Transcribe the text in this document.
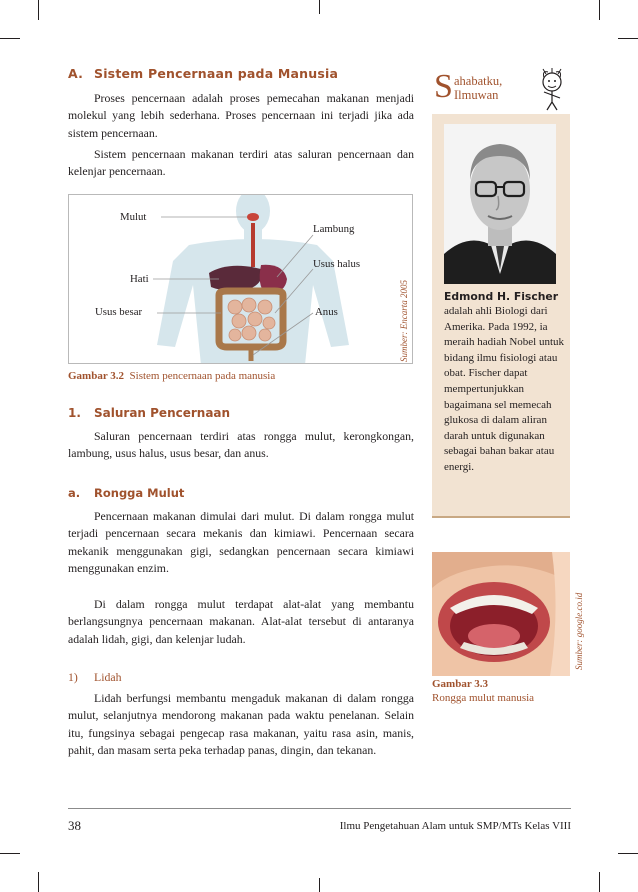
A. Sistem Pencernaan pada Manusia

Proses pencernaan adalah proses pemecahan makanan menjadi molekul yang lebih sederhana. Proses pencernaan ini terjadi jika ada sistem pencernaan.

Sistem pencernaan makanan terdiri atas saluran pencernaan dan kelenjar pencernaan.

Mulut
Lambung
Usus halus
Hati
Usus besar	Anus	Sumber: Encarta 2005
Gambar 3.2 Sistem pencernaan pada manusia
1. Saluran Pencernaan

Saluran pencernaan terdiri atas rongga mulut, kerongkongan, lambung, usus halus, usus besar, dan anus.

a. Rongga Mulut

Pencernaan makanan dimulai dari mulut. Di dalam rongga mulut terjadi pencernaan secara mekanis dan kimiawi. Pencernaan secara mekanik menggunakan gigi, sedangkan pencernaan secara kimiawi menggunakan enzim.

Di dalam rongga mulut terdapat alat-alat yang membantu berlangsungnya pencernaan makanan. Alat-alat tersebut di antaranya adalah lidah, gigi, dan kelenjar ludah.

1) Lidah

Lidah berfungsi membantu mengaduk makanan di dalam rongga mulut, selanjutnya mendorong makanan pada waktu penelanan. Selain itu, fungsinya sebagai pengecap rasa makanan, yaitu rasa asin, manis, pahit, dan masam serta peka terhadap panas, dingin, dan tekanan.

S ahabatku,
Ilmuwan
Edmond H. Fischer

adalah ahli Biologi dari Amerika. Pada 1992, ia meraih hadiah Nobel untuk bidang ilmu fisiologi atau obat. Fischer dapat mempertunjukkan bagaimana sel memecah glukosa di dalam aliran darah untuk digunakan sebagai bahan bakar atau energi.

Sumber: google.co.id
Gambar 3.3
Rongga mulut manusia
38	Ilmu Pengetahuan Alam untuk SMP/MTs Kelas VIII
